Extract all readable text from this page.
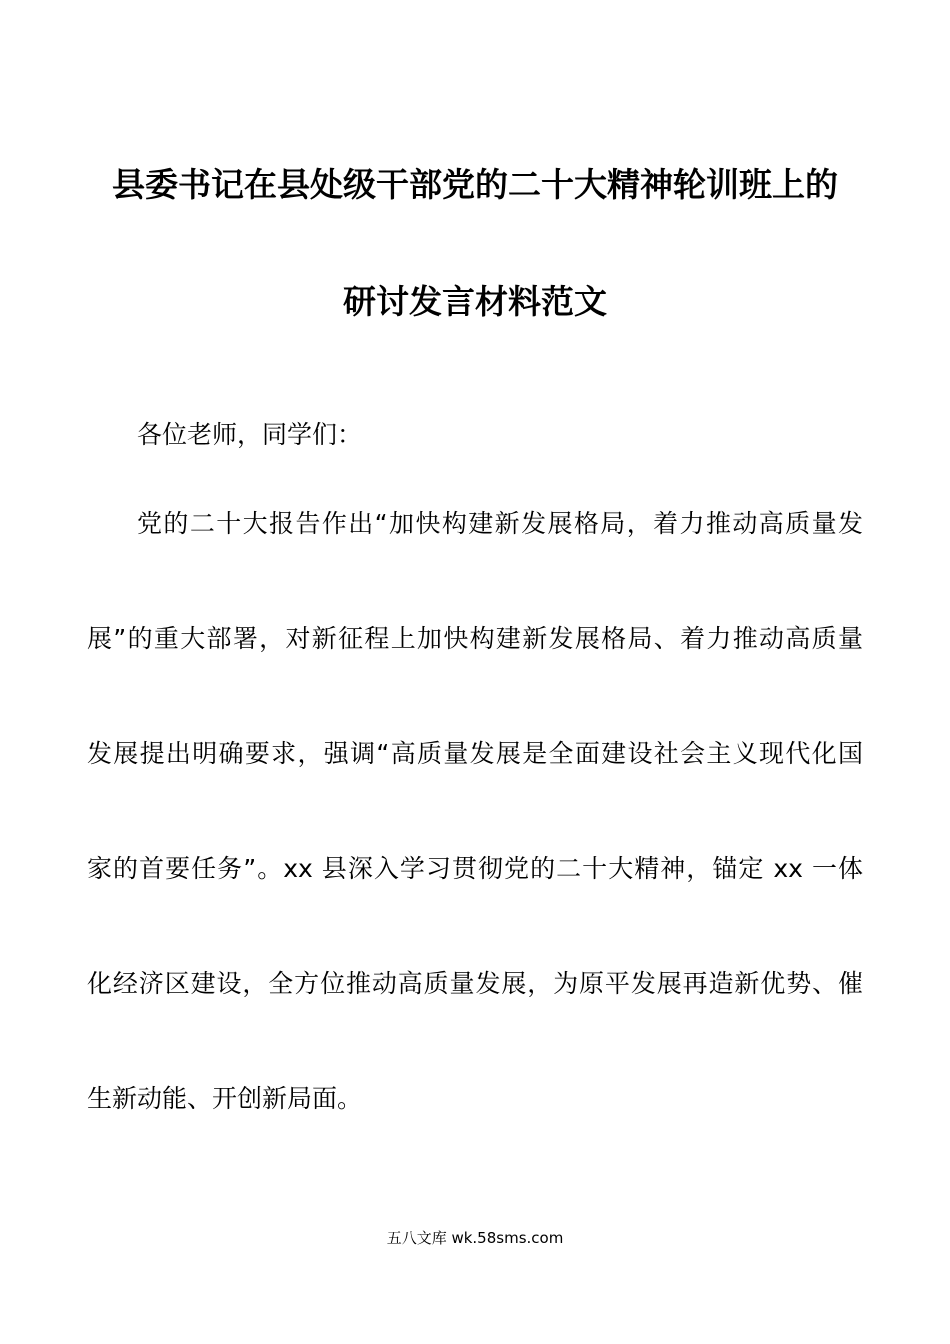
县委书记在县处级干部党的二十大精神轮训班上的
研讨发言材料范文
各位老师，同学们：
党的二十大报告作出“加快构建新发展格局，着力推动高质量发
展”的重大部署，对新征程上加快构建新发展格局、着力推动高质量
发展提出明确要求，强调“高质量发展是全面建设社会主义现代化国
家的首要任务”。xx 县深入学习贯彻党的二十大精神，锚定 xx 一体
化经济区建设，全方位推动高质量发展，为原平发展再造新优势、催
生新动能、开创新局面。
五八文库 wk.58sms.com
